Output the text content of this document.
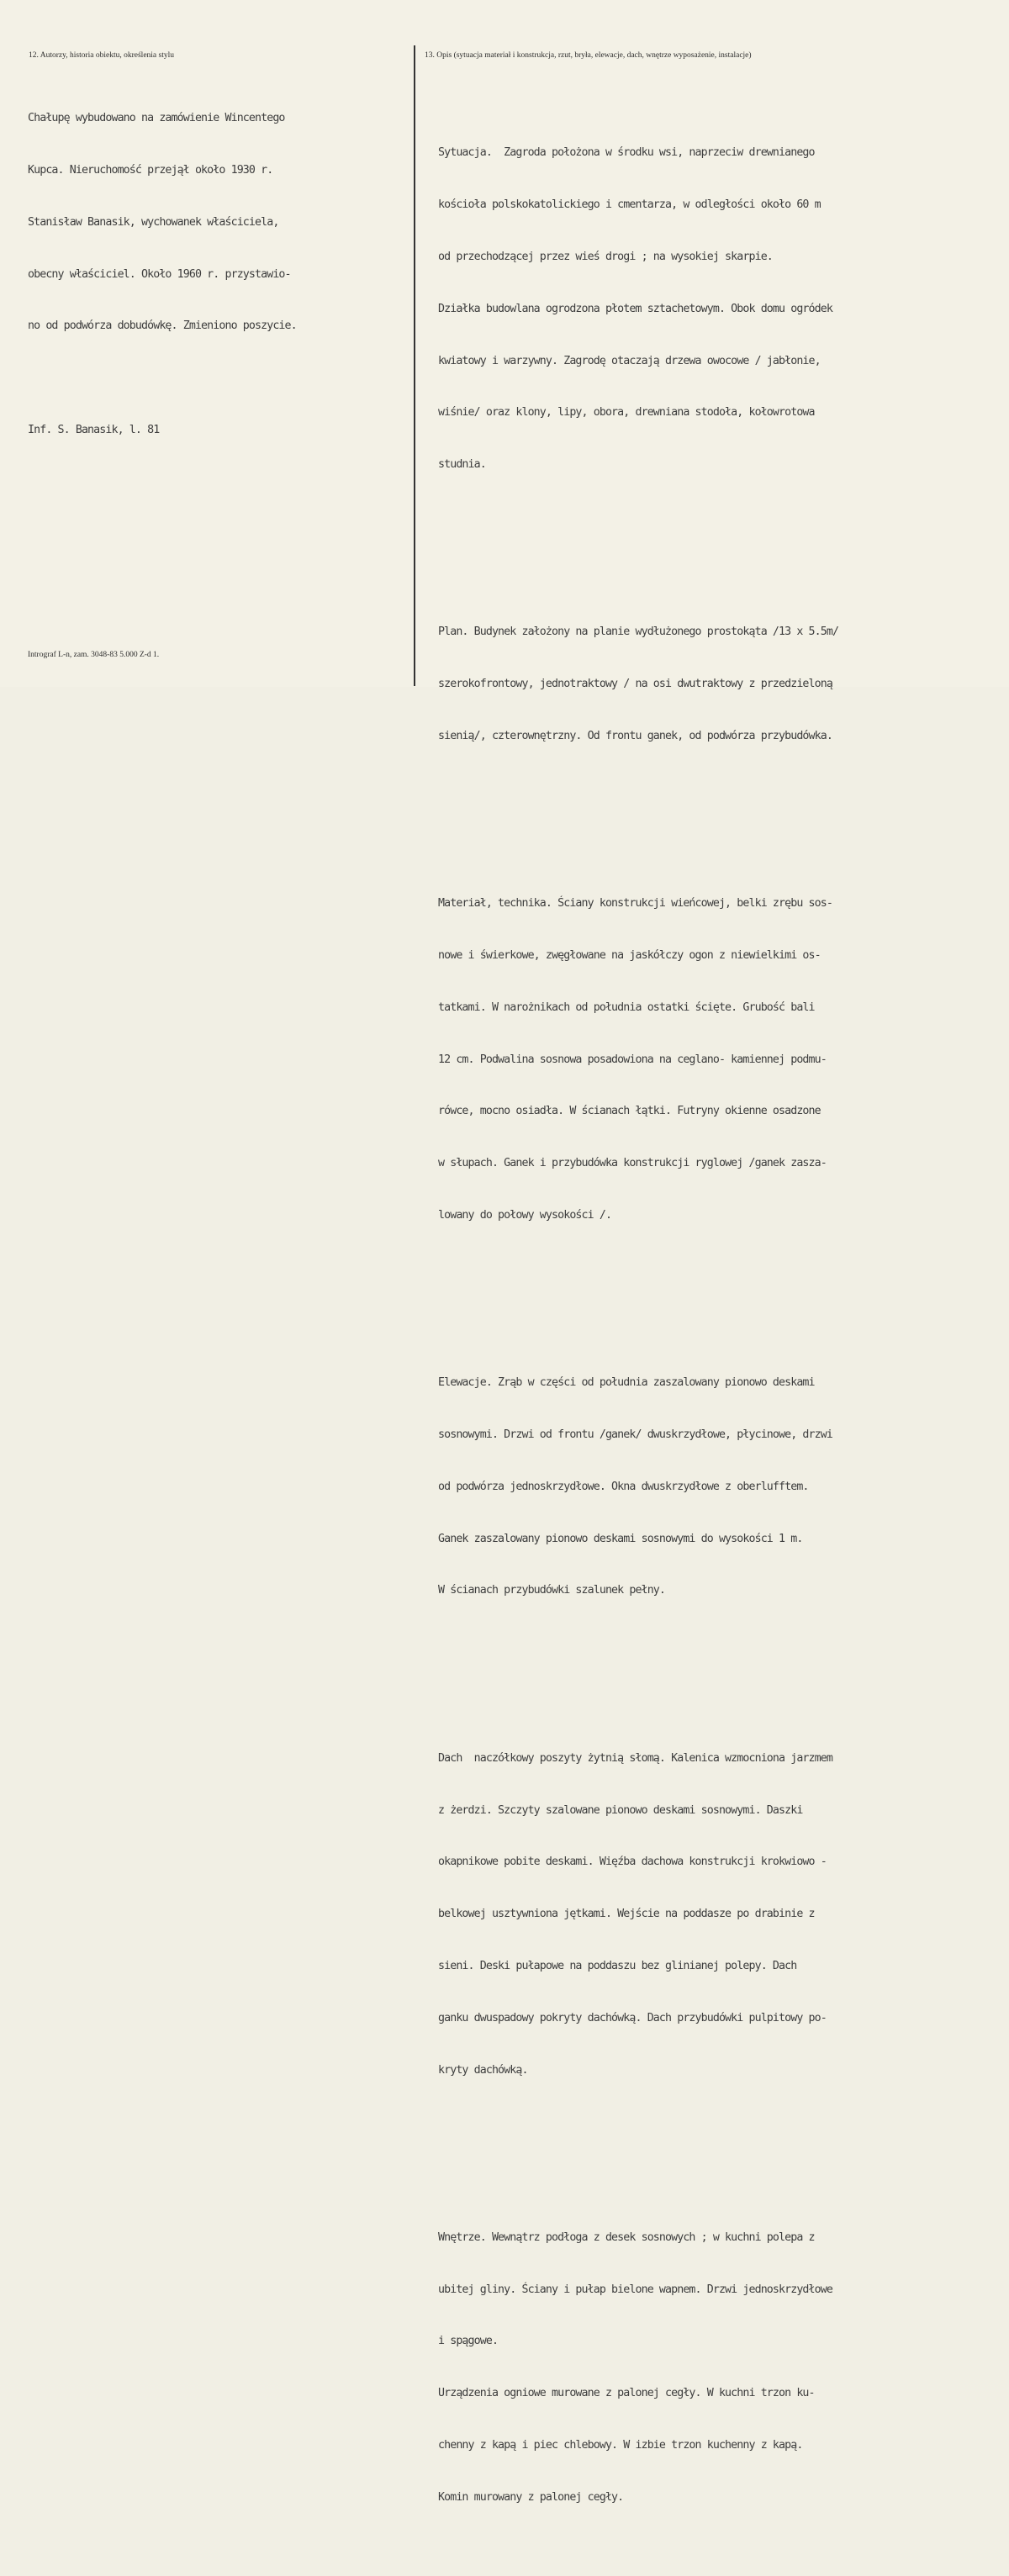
12. Autorzy, historia obiektu, określenia stylu	13. Opis (sytuacja materiał i konstrukcja, rzut, bryła, elewacje, dach, wnętrze wyposażenie, instalacje)

Chałupę wybudowano na zamówienie Wincentego

Kupca. Nieruchomość przejął około 1930 r.

Stanisław Banasik, wychowanek właściciela,

obecny właściciel. Około 1960 r. przystawio-

no od podwórza dobudówkę. Zmieniono poszycie.

Inf. S. Banasik, l. 81

Sytuacja.  Zagroda położona w środku wsi, naprzeciw drewnianego

kościoła polskokatolickiego i cmentarza, w odległości około 60 m

od przechodzącej przez wieś drogi ; na wysokiej skarpie.

Działka budowlana ogrodzona płotem sztachetowym. Obok domu ogródek

kwiatowy i warzywny. Zagrodę otaczają drzewa owocowe / jabłonie,

wiśnie/ oraz klony, lipy, obora, drewniana stodoła, kołowrotowa

studnia.

Plan. Budynek założony na planie wydłużonego prostokąta /13 x 5.5m/

szerokofrontowy, jednotraktowy / na osi dwutraktowy z przedzieloną

sienią/, czterownętrzny. Od frontu ganek, od podwórza przybudówka.

Materiał, technika. Ściany konstrukcji wieńcowej, belki zrębu sos-

nowe i świerkowe, zwęgłowane na jaskółczy ogon z niewielkimi os-

tatkami. W narożnikach od południa ostatki ścięte. Grubość bali

12 cm. Podwalina sosnowa posadowiona na ceglano- kamiennej podmu-

rówce, mocno osiadła. W ścianach łątki. Futryny okienne osadzone

w słupach. Ganek i przybudówka konstrukcji ryglowej /ganek zasza-

lowany do połowy wysokości /.

Elewacje. Zrąb w części od południa zaszalowany pionowo deskami

sosnowymi. Drzwi od frontu /ganek/ dwuskrzydłowe, płycinowe, drzwi

od podwórza jednoskrzydłowe. Okna dwuskrzydłowe z oberlufftem.

Ganek zaszalowany pionowo deskami sosnowymi do wysokości 1 m.

W ścianach przybudówki szalunek pełny.

Dach  naczółkowy poszyty żytnią słomą. Kalenica wzmocniona jarzmem

z żerdzi. Szczyty szalowane pionowo deskami sosnowymi. Daszki

okapnikowe pobite deskami. Więźba dachowa konstrukcji krokwiowo -

belkowej usztywniona jętkami. Wejście na poddasze po drabinie z

sieni. Deski pułapowe na poddaszu bez glinianej polepy. Dach

ganku dwuspadowy pokryty dachówką. Dach przybudówki pulpitowy po-

kryty dachówką.

Wnętrze. Wewnątrz podłoga z desek sosnowych ; w kuchni polepa z

ubitej gliny. Ściany i pułap bielone wapnem. Drzwi jednoskrzydłowe

i spągowe.

Urządzenia ogniowe murowane z palonej cegły. W kuchni trzon ku-

chenny z kapą i piec chlebowy. W izbie trzon kuchenny z kapą.

Komin murowany z palonej cegły.

Intrograf L-n, zam. 3048-83 5.000 Z-d 1.
